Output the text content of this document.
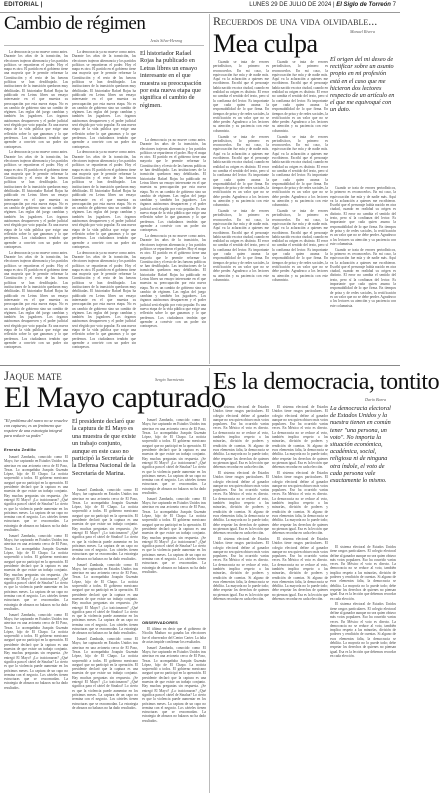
EDITORIAL |	LUNES 29 DE JULIO DE 2024 | El Siglo de Torreón 7
Cambio de régimen
Jesús Silva-Herzog
El historiador Rafael Rojas ha publicado en Letras libres un ensayo interesante en el que muestra su preocupación por esta nueva etapa que significa el cambio de régimen.

La democracia ya no mueve como antes. Durante los años de la transición, las elecciones trajeron alternancia y los partidos políticos se repartieron el poder. Hoy el mapa es otro. El partido en el gobierno tiene una mayoría que le permite reformar la Constitución y el resto de las fuerzas políticas se han desdibujado. Las instituciones de la transición quedaron muy debilitadas. El historiador Rafael Rojas ha publicado en Letras libres un ensayo interesante en el que muestra su preocupación por esta nueva etapa. No es un cambio de gobierno sino un cambio de régimen. Las reglas del juego cambian y también los jugadores. Los órganos autónomos desaparecen y el poder judicial será elegido por voto popular. Es una nueva etapa de la vida pública que exige una reflexión sobre lo que ganamos y lo que perdemos. Los ciudadanos tendrán que aprender a convivir con un poder sin contrapesos.

La democracia ya no mueve como antes. Durante los años de la transición, las elecciones trajeron alternancia y los partidos políticos se repartieron el poder. Hoy el mapa es otro. El partido en el gobierno tiene una mayoría que le permite reformar la Constitución y el resto de las fuerzas políticas se han desdibujado. Las instituciones de la transición quedaron muy debilitadas. El historiador Rafael Rojas ha publicado en Letras libres un ensayo interesante en el que muestra su preocupación por esta nueva etapa. No es un cambio de gobierno sino un cambio de régimen. Las reglas del juego cambian y también los jugadores. Los órganos autónomos desaparecen y el poder judicial será elegido por voto popular. Es una nueva etapa de la vida pública que exige una reflexión sobre lo que ganamos y lo que perdemos. Los ciudadanos tendrán que aprender a convivir con un poder sin contrapesos.

La democracia ya no mueve como antes. Durante los años de la transición, las elecciones trajeron alternancia y los partidos políticos se repartieron el poder. Hoy el mapa es otro. El partido en el gobierno tiene una mayoría que le permite reformar la Constitución y el resto de las fuerzas políticas se han desdibujado. Las instituciones de la transición quedaron muy debilitadas. El historiador Rafael Rojas ha publicado en Letras libres un ensayo interesante en el que muestra su preocupación por esta nueva etapa. No es un cambio de gobierno sino un cambio de régimen. Las reglas del juego cambian y también los jugadores. Los órganos autónomos desaparecen y el poder judicial será elegido por voto popular. Es una nueva etapa de la vida pública que exige una reflexión sobre lo que ganamos y lo que perdemos. Los ciudadanos tendrán que aprender a convivir con un poder sin contrapesos.

La democracia ya no mueve como antes. Durante los años de la transición, las elecciones trajeron alternancia y los partidos políticos se repartieron el poder. Hoy el mapa es otro. El partido en el gobierno tiene una mayoría que le permite reformar la Constitución y el resto de las fuerzas políticas se han desdibujado. Las instituciones de la transición quedaron muy debilitadas. El historiador Rafael Rojas ha publicado en Letras libres un ensayo interesante en el que muestra su preocupación por esta nueva etapa. No es un cambio de gobierno sino un cambio de régimen. Las reglas del juego cambian y también los jugadores. Los órganos autónomos desaparecen y el poder judicial será elegido por voto popular. Es una nueva etapa de la vida pública que exige una reflexión sobre lo que ganamos y lo que perdemos. Los ciudadanos tendrán que aprender a convivir con un poder sin contrapesos.

La democracia ya no mueve como antes. Durante los años de la transición, las elecciones trajeron alternancia y los partidos políticos se repartieron el poder. Hoy el mapa es otro. El partido en el gobierno tiene una mayoría que le permite reformar la Constitución y el resto de las fuerzas políticas se han desdibujado. Las instituciones de la transición quedaron muy debilitadas. El historiador Rafael Rojas ha publicado en Letras libres un ensayo interesante en el que muestra su preocupación por esta nueva etapa. No es un cambio de gobierno sino un cambio de régimen. Las reglas del juego cambian y también los jugadores. Los órganos autónomos desaparecen y el poder judicial será elegido por voto popular. Es una nueva etapa de la vida pública que exige una reflexión sobre lo que ganamos y lo que perdemos. Los ciudadanos tendrán que aprender a convivir con un poder sin contrapesos.

La democracia ya no mueve como antes. Durante los años de la transición, las elecciones trajeron alternancia y los partidos políticos se repartieron el poder. Hoy el mapa es otro. El partido en el gobierno tiene una mayoría que le permite reformar la Constitución y el resto de las fuerzas políticas se han desdibujado. Las instituciones de la transición quedaron muy debilitadas. El historiador Rafael Rojas ha publicado en Letras libres un ensayo interesante en el que muestra su preocupación por esta nueva etapa. No es un cambio de gobierno sino un cambio de régimen. Las reglas del juego cambian y también los jugadores. Los órganos autónomos desaparecen y el poder judicial será elegido por voto popular. Es una nueva etapa de la vida pública que exige una reflexión sobre lo que ganamos y lo que perdemos. Los ciudadanos tendrán que aprender a convivir con un poder sin contrapesos.

La democracia ya no mueve como antes. Durante los años de la transición, las elecciones trajeron alternancia y los partidos políticos se repartieron el poder. Hoy el mapa es otro. El partido en el gobierno tiene una mayoría que le permite reformar la Constitución y el resto de las fuerzas políticas se han desdibujado. Las instituciones de la transición quedaron muy debilitadas. El historiador Rafael Rojas ha publicado en Letras libres un ensayo interesante en el que muestra su preocupación por esta nueva etapa. No es un cambio de gobierno sino un cambio de régimen. Las reglas del juego cambian y también los jugadores. Los órganos autónomos desaparecen y el poder judicial será elegido por voto popular. Es una nueva etapa de la vida pública que exige una reflexión sobre lo que ganamos y lo que perdemos. Los ciudadanos tendrán que aprender a convivir con un poder sin contrapesos.

La democracia ya no mueve como antes. Durante los años de la transición, las elecciones trajeron alternancia y los partidos políticos se repartieron el poder. Hoy el mapa es otro. El partido en el gobierno tiene una mayoría que le permite reformar la Constitución y el resto de las fuerzas políticas se han desdibujado. Las instituciones de la transición quedaron muy debilitadas. El historiador Rafael Rojas ha publicado en Letras libres un ensayo interesante en el que muestra su preocupación por esta nueva etapa. No es un cambio de gobierno sino un cambio de régimen. Las reglas del juego cambian y también los jugadores. Los órganos autónomos desaparecen y el poder judicial será elegido por voto popular. Es una nueva etapa de la vida pública que exige una reflexión sobre lo que ganamos y lo que perdemos. Los ciudadanos tendrán que aprender a convivir con un poder sin contrapesos.

Recuerdos de una vida olvidable...
Manuel Rivera
Mea culpa
El origen del mi deseo de rectificar sobre un asunto propio en mi profesión está en el caso que me hicieron dos lectores respecto de un artículo en el que me equivoqué con un dato.

Cuando se trata de errores periodísticos, lo primero es reconocerlos. En mi caso, la equivocación fue mía y de nadie más. Aquí va la aclaración a quienes me escribieron. Escribí que el personaje había nacido en otra ciudad, cuando en realidad su origen es distinto. El error no cambia el sentido del texto, pero sí la confianza del lector. Es importante que cada quien asuma la responsabilidad de lo que firma. En tiempos de prisa y de redes sociales, la rectificación es un valor que no se debe perder. Agradezco a los lectores su atención y su paciencia con este columnista.

Cuando se trata de errores periodísticos, lo primero es reconocerlos. En mi caso, la equivocación fue mía y de nadie más. Aquí va la aclaración a quienes me escribieron. Escribí que el personaje había nacido en otra ciudad, cuando en realidad su origen es distinto. El error no cambia el sentido del texto, pero sí la confianza del lector. Es importante que cada quien asuma la responsabilidad de lo que firma. En tiempos de prisa y de redes sociales, la rectificación es un valor que no se debe perder. Agradezco a los lectores su atención y su paciencia con este columnista.

Cuando se trata de errores periodísticos, lo primero es reconocerlos. En mi caso, la equivocación fue mía y de nadie más. Aquí va la aclaración a quienes me escribieron. Escribí que el personaje había nacido en otra ciudad, cuando en realidad su origen es distinto. El error no cambia el sentido del texto, pero sí la confianza del lector. Es importante que cada quien asuma la responsabilidad de lo que firma. En tiempos de prisa y de redes sociales, la rectificación es un valor que no se debe perder. Agradezco a los lectores su atención y su paciencia con este columnista.

Cuando se trata de errores periodísticos, lo primero es reconocerlos. En mi caso, la equivocación fue mía y de nadie más. Aquí va la aclaración a quienes me escribieron. Escribí que el personaje había nacido en otra ciudad, cuando en realidad su origen es distinto. El error no cambia el sentido del texto, pero sí la confianza del lector. Es importante que cada quien asuma la responsabilidad de lo que firma. En tiempos de prisa y de redes sociales, la rectificación es un valor que no se debe perder. Agradezco a los lectores su atención y su paciencia con este columnista.

Cuando se trata de errores periodísticos, lo primero es reconocerlos. En mi caso, la equivocación fue mía y de nadie más. Aquí va la aclaración a quienes me escribieron. Escribí que el personaje había nacido en otra ciudad, cuando en realidad su origen es distinto. El error no cambia el sentido del texto, pero sí la confianza del lector. Es importante que cada quien asuma la responsabilidad de lo que firma. En tiempos de prisa y de redes sociales, la rectificación es un valor que no se debe perder. Agradezco a los lectores su atención y su paciencia con este columnista.

Cuando se trata de errores periodísticos, lo primero es reconocerlos. En mi caso, la equivocación fue mía y de nadie más. Aquí va la aclaración a quienes me escribieron. Escribí que el personaje había nacido en otra ciudad, cuando en realidad su origen es distinto. El error no cambia el sentido del texto, pero sí la confianza del lector. Es importante que cada quien asuma la responsabilidad de lo que firma. En tiempos de prisa y de redes sociales, la rectificación es un valor que no se debe perder. Agradezco a los lectores su atención y su paciencia con este columnista.

Cuando se trata de errores periodísticos, lo primero es reconocerlos. En mi caso, la equivocación fue mía y de nadie más. Aquí va la aclaración a quienes me escribieron. Escribí que el personaje había nacido en otra ciudad, cuando en realidad su origen es distinto. El error no cambia el sentido del texto, pero sí la confianza del lector. Es importante que cada quien asuma la responsabilidad de lo que firma. En tiempos de prisa y de redes sociales, la rectificación es un valor que no se debe perder. Agradezco a los lectores su atención y su paciencia con este columnista.

Cuando se trata de errores periodísticos, lo primero es reconocerlos. En mi caso, la equivocación fue mía y de nadie más. Aquí va la aclaración a quienes me escribieron. Escribí que el personaje había nacido en otra ciudad, cuando en realidad su origen es distinto. El error no cambia el sentido del texto, pero sí la confianza del lector. Es importante que cada quien asuma la responsabilidad de lo que firma. En tiempos de prisa y de redes sociales, la rectificación es un valor que no se debe perder. Agradezco a los lectores su atención y su paciencia con este columnista.

Jaque mate	Sergio Sarmiento
El Mayo capturado
"El problema del narco no se resuelve con capturas; es un fenómeno que requiere de una estrategia integral para reducir su poder."
Ernesto Zedillo
El presidente declaró que la captura de El Mayo es una muestra de que existe un trabajo conjunto, aunque en este caso no participó la Secretaría de la Defensa Nacional de la Secretaría de Marina.

Ismael Zambada, conocido como El Mayo, fue capturado en Estados Unidos tras aterrizar en una avioneta cerca de El Paso, Texas. Lo acompañaba Joaquín Guzmán López, hijo de El Chapo. La noticia sorprendió a todos. El gobierno mexicano aseguró que no participó en la operación. El presidente declaró que la captura es una muestra de que existe un trabajo conjunto. Hay muchas preguntas sin respuesta. ¿Se entregó El Mayo? ¿Lo traicionaron? ¿Qué significa para el cártel de Sinaloa? Lo cierto es que la violencia puede aumentar en los próximos meses. La captura de un capo no termina con el negocio. Los cárteles tienen estructuras que se reacomodan. La estrategia de abrazos no balazos no ha dado resultados.

Ismael Zambada, conocido como El Mayo, fue capturado en Estados Unidos tras aterrizar en una avioneta cerca de El Paso, Texas. Lo acompañaba Joaquín Guzmán López, hijo de El Chapo. La noticia sorprendió a todos. El gobierno mexicano aseguró que no participó en la operación. El presidente declaró que la captura es una muestra de que existe un trabajo conjunto. Hay muchas preguntas sin respuesta. ¿Se entregó El Mayo? ¿Lo traicionaron? ¿Qué significa para el cártel de Sinaloa? Lo cierto es que la violencia puede aumentar en los próximos meses. La captura de un capo no termina con el negocio. Los cárteles tienen estructuras que se reacomodan. La estrategia de abrazos no balazos no ha dado resultados.

Ismael Zambada, conocido como El Mayo, fue capturado en Estados Unidos tras aterrizar en una avioneta cerca de El Paso, Texas. Lo acompañaba Joaquín Guzmán López, hijo de El Chapo. La noticia sorprendió a todos. El gobierno mexicano aseguró que no participó en la operación. El presidente declaró que la captura es una muestra de que existe un trabajo conjunto. Hay muchas preguntas sin respuesta. ¿Se entregó El Mayo? ¿Lo traicionaron? ¿Qué significa para el cártel de Sinaloa? Lo cierto es que la violencia puede aumentar en los próximos meses. La captura de un capo no termina con el negocio. Los cárteles tienen estructuras que se reacomodan. La estrategia de abrazos no balazos no ha dado resultados.

Ismael Zambada, conocido como El Mayo, fue capturado en Estados Unidos tras aterrizar en una avioneta cerca de El Paso, Texas. Lo acompañaba Joaquín Guzmán López, hijo de El Chapo. La noticia sorprendió a todos. El gobierno mexicano aseguró que no participó en la operación. El presidente declaró que la captura es una muestra de que existe un trabajo conjunto. Hay muchas preguntas sin respuesta. ¿Se entregó El Mayo? ¿Lo traicionaron? ¿Qué significa para el cártel de Sinaloa? Lo cierto es que la violencia puede aumentar en los próximos meses. La captura de un capo no termina con el negocio. Los cárteles tienen estructuras que se reacomodan. La estrategia de abrazos no balazos no ha dado resultados.

Ismael Zambada, conocido como El Mayo, fue capturado en Estados Unidos tras aterrizar en una avioneta cerca de El Paso, Texas. Lo acompañaba Joaquín Guzmán López, hijo de El Chapo. La noticia sorprendió a todos. El gobierno mexicano aseguró que no participó en la operación. El presidente declaró que la captura es una muestra de que existe un trabajo conjunto. Hay muchas preguntas sin respuesta. ¿Se entregó El Mayo? ¿Lo traicionaron? ¿Qué significa para el cártel de Sinaloa? Lo cierto es que la violencia puede aumentar en los próximos meses. La captura de un capo no termina con el negocio. Los cárteles tienen estructuras que se reacomodan. La estrategia de abrazos no balazos no ha dado resultados.

Ismael Zambada, conocido como El Mayo, fue capturado en Estados Unidos tras aterrizar en una avioneta cerca de El Paso, Texas. Lo acompañaba Joaquín Guzmán López, hijo de El Chapo. La noticia sorprendió a todos. El gobierno mexicano aseguró que no participó en la operación. El presidente declaró que la captura es una muestra de que existe un trabajo conjunto. Hay muchas preguntas sin respuesta. ¿Se entregó El Mayo? ¿Lo traicionaron? ¿Qué significa para el cártel de Sinaloa? Lo cierto es que la violencia puede aumentar en los próximos meses. La captura de un capo no termina con el negocio. Los cárteles tienen estructuras que se reacomodan. La estrategia de abrazos no balazos no ha dado resultados.

Ismael Zambada, conocido como El Mayo, fue capturado en Estados Unidos tras aterrizar en una avioneta cerca de El Paso, Texas. Lo acompañaba Joaquín Guzmán López, hijo de El Chapo. La noticia sorprendió a todos. El gobierno mexicano aseguró que no participó en la operación. El presidente declaró que la captura es una muestra de que existe un trabajo conjunto. Hay muchas preguntas sin respuesta. ¿Se entregó El Mayo? ¿Lo traicionaron? ¿Qué significa para el cártel de Sinaloa? Lo cierto es que la violencia puede aumentar en los próximos meses. La captura de un capo no termina con el negocio. Los cárteles tienen estructuras que se reacomodan. La estrategia de abrazos no balazos no ha dado resultados.

Ismael Zambada, conocido como El Mayo, fue capturado en Estados Unidos tras aterrizar en una avioneta cerca de El Paso, Texas. Lo acompañaba Joaquín Guzmán López, hijo de El Chapo. La noticia sorprendió a todos. El gobierno mexicano aseguró que no participó en la operación. El presidente declaró que la captura es una muestra de que existe un trabajo conjunto. Hay muchas preguntas sin respuesta. ¿Se entregó El Mayo? ¿Lo traicionaron? ¿Qué significa para el cártel de Sinaloa? Lo cierto es que la violencia puede aumentar en los próximos meses. La captura de un capo no termina con el negocio. Los cárteles tienen estructuras que se reacomodan. La estrategia de abrazos no balazos no ha dado resultados.

OBSERVADORES

El último en decir que el gobierno de Nicolás Maduro no ganaba las elecciones fue el observador del Centro Carter. La falta de actas impide confirmar los resultados.

Ismael Zambada, conocido como El Mayo, fue capturado en Estados Unidos tras aterrizar en una avioneta cerca de El Paso, Texas. Lo acompañaba Joaquín Guzmán López, hijo de El Chapo. La noticia sorprendió a todos. El gobierno mexicano aseguró que no participó en la operación. El presidente declaró que la captura es una muestra de que existe un trabajo conjunto. Hay muchas preguntas sin respuesta. ¿Se entregó El Mayo? ¿Lo traicionaron? ¿Qué significa para el cártel de Sinaloa? Lo cierto es que la violencia puede aumentar en los próximos meses. La captura de un capo no termina con el negocio. Los cárteles tienen estructuras que se reacomodan. La estrategia de abrazos no balazos no ha dado resultados.

Es la democracia, tontito
Darío Barra
La democracia electoral de Estados Unidos y la nuestra tienen en común tener "una persona, un voto". No importa la situación económica, académica, social, religiosa ni de ninguna otra índole, el voto de cada persona vale exactamente lo mismo.

El sistema electoral de Estados Unidos tiene rasgos particulares. El colegio electoral define al ganador aunque no sea quien obtuvo más votos populares. Eso ha ocurrido varias veces. En México el voto es directo. La democracia no se reduce al voto, también implica respeto a las minorías, división de poderes y rendición de cuentas. Si alguno de esos elementos falta, la democracia se debilita. La mayoría no lo puede todo; debe respetar los derechos de quienes no piensan igual. Esa es la lección que debemos recordar en cada elección.

El sistema electoral de Estados Unidos tiene rasgos particulares. El colegio electoral define al ganador aunque no sea quien obtuvo más votos populares. Eso ha ocurrido varias veces. En México el voto es directo. La democracia no se reduce al voto, también implica respeto a las minorías, división de poderes y rendición de cuentas. Si alguno de esos elementos falta, la democracia se debilita. La mayoría no lo puede todo; debe respetar los derechos de quienes no piensan igual. Esa es la lección que debemos recordar en cada elección.

El sistema electoral de Estados Unidos tiene rasgos particulares. El colegio electoral define al ganador aunque no sea quien obtuvo más votos populares. Eso ha ocurrido varias veces. En México el voto es directo. La democracia no se reduce al voto, también implica respeto a las minorías, división de poderes y rendición de cuentas. Si alguno de esos elementos falta, la democracia se debilita. La mayoría no lo puede todo; debe respetar los derechos de quienes no piensan igual. Esa es la lección que debemos recordar en cada elección.

El sistema electoral de Estados Unidos tiene rasgos particulares. El colegio electoral define al ganador aunque no sea quien obtuvo más votos populares. Eso ha ocurrido varias veces. En México el voto es directo. La democracia no se reduce al voto, también implica respeto a las minorías, división de poderes y rendición de cuentas. Si alguno de esos elementos falta, la democracia se debilita. La mayoría no lo puede todo; debe respetar los derechos de quienes no piensan igual. Esa es la lección que debemos recordar en cada elección.

El sistema electoral de Estados Unidos tiene rasgos particulares. El colegio electoral define al ganador aunque no sea quien obtuvo más votos populares. Eso ha ocurrido varias veces. En México el voto es directo. La democracia no se reduce al voto, también implica respeto a las minorías, división de poderes y rendición de cuentas. Si alguno de esos elementos falta, la democracia se debilita. La mayoría no lo puede todo; debe respetar los derechos de quienes no piensan igual. Esa es la lección que debemos recordar en cada elección.

El sistema electoral de Estados Unidos tiene rasgos particulares. El colegio electoral define al ganador aunque no sea quien obtuvo más votos populares. Eso ha ocurrido varias veces. En México el voto es directo. La democracia no se reduce al voto, también implica respeto a las minorías, división de poderes y rendición de cuentas. Si alguno de esos elementos falta, la democracia se debilita. La mayoría no lo puede todo; debe respetar los derechos de quienes no piensan igual. Esa es la lección que debemos recordar en cada elección.

El sistema electoral de Estados Unidos tiene rasgos particulares. El colegio electoral define al ganador aunque no sea quien obtuvo más votos populares. Eso ha ocurrido varias veces. En México el voto es directo. La democracia no se reduce al voto, también implica respeto a las minorías, división de poderes y rendición de cuentas. Si alguno de esos elementos falta, la democracia se debilita. La mayoría no lo puede todo; debe respetar los derechos de quienes no piensan igual. Esa es la lección que debemos recordar en cada elección.

El sistema electoral de Estados Unidos tiene rasgos particulares. El colegio electoral define al ganador aunque no sea quien obtuvo más votos populares. Eso ha ocurrido varias veces. En México el voto es directo. La democracia no se reduce al voto, también implica respeto a las minorías, división de poderes y rendición de cuentas. Si alguno de esos elementos falta, la democracia se debilita. La mayoría no lo puede todo; debe respetar los derechos de quienes no piensan igual. Esa es la lección que debemos recordar en cada elección.
